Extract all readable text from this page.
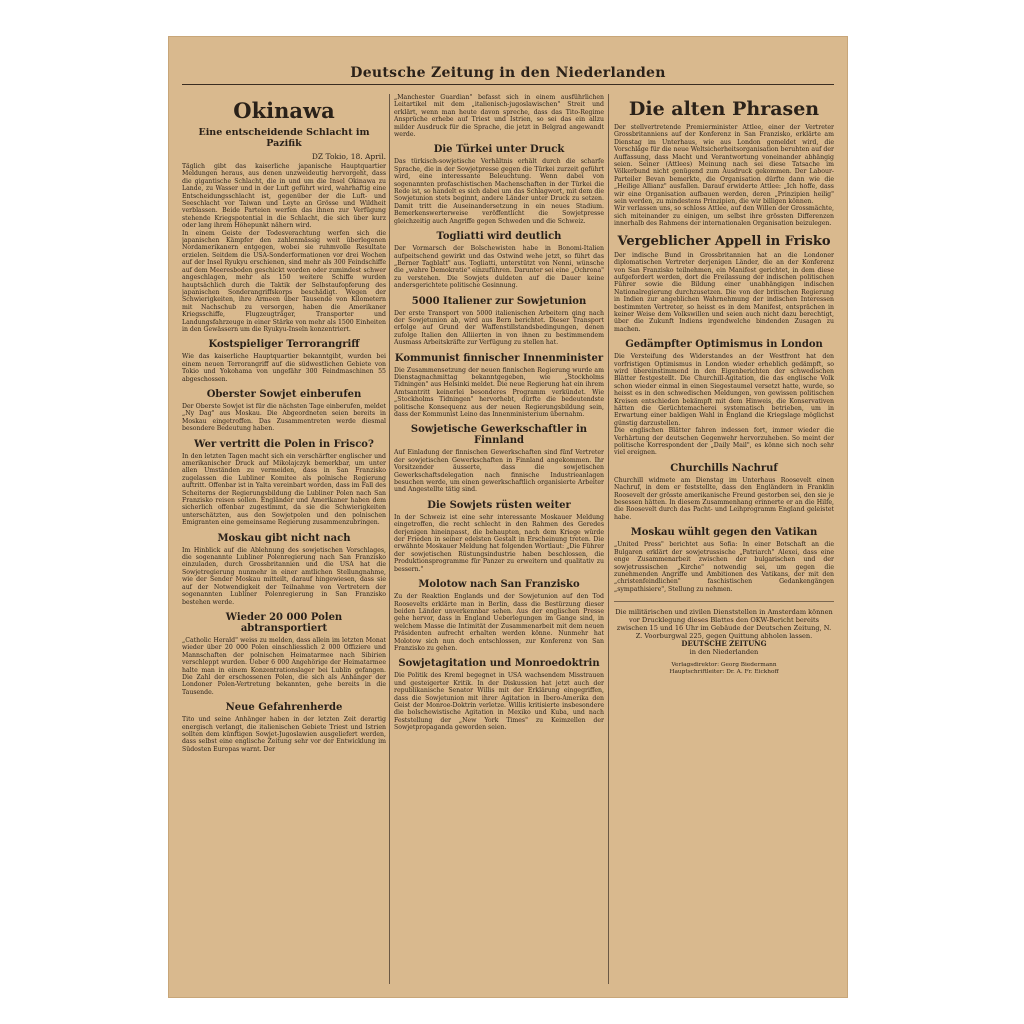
Deutsche Zeitung in den Niederlanden
Okinawa
Eine entscheidende Schlacht im Pazifik
DZ Tokio, 18. April.

Täglich gibt das kaiserliche japanische Hauptquartier Meldungen heraus, aus denen unzweideutig hervorgeht, dass die gigantische Schlacht, die in und um die Insel Okinawa zu Lande, zu Wasser und in der Luft geführt wird, wahrhaftig eine Entscheidungsschlacht ist, gegenüber der die Luft- und Seeschlacht vor Taiwan und Leyte an Grösse und Wildheit verblassen. Beide Parteien werfen das ihnen zur Verfügung stehende Kriegspotential in die Schlacht, die sich über kurz oder lang ihrem Höhepunkt nähern wird.

In einem Geiste der Todesverachtung werfen sich die japanischen Kämpfer den zahlenmässig weit überlegenen Nordamerikanern entgegen, wobei sie ruhmvolle Resultate erzielen. Seitdem die USA-Sonderformationen vor drei Wochen auf der Insel Ryukyu erschienen, sind mehr als 300 Feindschiffe auf dem Meeresboden geschickt worden oder zumindest schwer angeschlagen, mehr als 150 weitere Schiffe wurden hauptsächlich durch die Taktik der Selbstaufopferung des japanischen Sonderangriffskorps beschädigt. Wegen der Schwierigkeiten, ihre Armeen über Tausende von Kilometern mit Nachschub zu versorgen, haben die Amerikaner Kriegsschiffe, Flugzeugträger, Transporter und Landungsfahrzeuge in einer Stärke von mehr als 1500 Einheiten in den Gewässern um die Ryukyu-Inseln konzentriert.

Kostspieliger Terrorangriff

Wie das kaiserliche Hauptquartier bekanntgibt, wurden bei einem neuen Terrorangriff auf die südwestlichen Gebiete von Tokio und Yokohama von ungefähr 300 Feindmaschinen 55 abgeschossen.

Oberster Sowjet einberufen

Der Oberste Sowjet ist für die nächsten Tage einberufen, meldet „Ny Dag" aus Moskau. Die Abgeordneten seien bereits in Moskau eingetroffen. Das Zusammentreten werde diesmal besondere Bedeutung haben.

Wer vertritt die Polen in Frisco?

In den letzten Tagen macht sich ein verschärfter englischer und amerikanischer Druck auf Mikolajczyk bemerkbar, um unter allen Umständen zu vermeiden, dass in San Franzisko zugelassen die Lubliner Komitee als polnische Regierung auftritt. Offenbar ist in Yalta vereinbart worden, dass im Fall des Scheiterns der Regierungsbildung die Lubliner Polen nach San Franzisko reisen sollen. Engländer und Amerikaner haben dem sicherlich offenbar zugestimmt, da sie die Schwierigkeiten unterschätzten, aus den Sowjetpolen und den polnischen Emigranten eine gemeinsame Regierung zusammenzubringen.

Moskau gibt nicht nach

Im Hinblick auf die Ablehnung des sowjetischen Vorschlages, die sogenannte Lubliner Polenregierung nach San Franzisko einzuladen, durch Grossbritannien und die USA hat die Sowjetregierung nunmehr in einer amtlichen Stellungnahme, wie der Sender Moskau mitteilt, darauf hingewiesen, dass sie auf der Notwendigkeit der Teilnahme von Vertretern der sogenannten Lubliner Polenregierung in San Franzisko bestehen werde.

Wieder 20 000 Polen abtransportiert

„Catholic Herald" weiss zu melden, dass allein im letzten Monat wieder über 20 000 Polen einschliesslich 2 000 Offiziere und Mannschaften der polnischen Heimatarmee nach Sibirien verschleppt wurden. Ueber 6 000 Angehörige der Heimatarmee halte man in einem Konzentrationslager bei Lublin gefangen. Die Zahl der erschossenen Polen, die sich als Anhänger der Londoner Polen-Vertretung bekannten, gehe bereits in die Tausende.

Neue Gefahrenherde

Tito und seine Anhänger haben in der letzten Zeit derartig energisch verlangt, die italienischen Gebiete Triest und Istrien sollten dem künftigen Sowjet-Jugoslawien ausgeliefert werden, dass selbst eine englische Zeitung sehr vor der Entwicklung im Südosten Europas warnt. Der

„Manchester Guardian" befasst sich in einem ausführlichen Leitartikel mit dem „italienisch-jugoslawischen" Streit und erklärt, wenn man heute davon spreche, dass das Tito-Regime Ansprüche erhebe auf Triest und Istrien, so sei das ein allzu milder Ausdruck für die Sprache, die jetzt in Belgrad angewandt werde.

Die Türkei unter Druck

Das türkisch-sowjetische Verhältnis erhält durch die scharfe Sprache, die in der Sowjetpresse gegen die Türkei zurzeit geführt wird, eine interessante Beleuchtung. Wenn dabei von sogenannten profaschistischen Machenschaften in der Türkei die Rede ist, so handelt es sich dabei um das Schlagwort, mit dem die Sowjetunion stets beginnt, andere Länder unter Druck zu setzen. Damit tritt die Auseinandersetzung in ein neues Stadium. Bemerkenswerterweise veröffentlicht die Sowjetpresse gleichzeitig auch Angriffe gegen Schweden und die Schweiz.

Togliatti wird deutlich

Der Vormarsch der Bolschewisten habe in Bonomi-Italien aufpeitschend gewirkt und das Ostwind wehe jetzt, so führt das „Berner Tagblatt" aus. Togliatti, unterstützt von Nenni, wünsche die „wahre Demokratie" einzuführen. Darunter sei eine „Ochrona" zu verstehen. Die Sowjets duldeten auf die Dauer keine andersgerichtete politische Gesinnung.

5000 Italiener zur Sowjetunion

Der erste Transport von 5000 italienischen Arbeitern ging nach der Sowjetunion ab, wird aus Bern berichtet. Dieser Transport erfolge auf Grund der Waffenstillstandsbedingungen, denen zufolge Italien den Alliierten in von ihnen zu bestimmendem Ausmass Arbeitskräfte zur Verfügung zu stellen hat.

Kommunist finnischer Innenminister

Die Zusammensetzung der neuen finnischen Regierung wurde am Dienstagnachmittag bekanntgegeben, wie „Stockholms Tidningen" aus Helsinki meldet. Die neue Regierung hat ein ihrem Amtsantritt keinerlei besonderes Programm verkündet. Wie „Stockholms Tidningen" hervorhebt, dürfte die bedeutendste politische Konsequenz aus der neuen Regierungsbildung sein, dass der Kommunist Leino das Innenministerium übernahm.

Sowjetische Gewerkschaftler in Finnland

Auf Einladung der finnischen Gewerkschaften sind fünf Vertreter der sowjetischen Gewerkschaften in Finnland angekommen. Ihr Vorsitzender äusserte, dass die sowjetischen Gewerkschaftsdelegation nach finnische Industrieanlagen besuchen werde, um einen gewerkschaftlich organisierte Arbeiter und Angestellte tätig sind.

Die Sowjets rüsten weiter

In der Schweiz ist eine sehr interessante Moskauer Meldung eingetroffen, die recht schlecht in den Rahmen des Geredes derjenigen hineinpasst, die behaupten, nach dem Kriege würde der Frieden in seiner edelsten Gestalt in Erscheinung treten. Die erwähnte Moskauer Meldung hat folgenden Wortlaut: „Die Führer der sowjetischen Rüstungsindustrie haben beschlossen, die Produktionsprogramme für Panzer zu erweitern und qualitativ zu bessern."

Molotow nach San Franzisko

Zu der Reaktion Englands und der Sowjetunion auf den Tod Roosevelts erklärte man in Berlin, dass die Bestürzung dieser beiden Länder unverkennbar sehen. Aus der englischen Presse gehe hervor, dass in England Ueberlegungen im Gange sind, in welchem Masse die Intimität der Zusammenarbeit mit dem neuen Präsidenten aufrecht erhalten werden könne. Nunmehr hat Molotow sich nun doch entschlossen, zur Konferenz von San Franzisko zu gehen.

Sowjetagitation und Monroedoktrin

Die Politik des Kreml begegnet in USA wachsendem Misstrauen und gesteigerter Kritik. In der Diskussion hat jetzt auch der republikanische Senator Willis mit der Erklärung eingegriffen, dass die Sowjetunion mit ihrer Agitation in Ibero-Amerika den Geist der Monroe-Doktrin verletze. Willis kritisierte insbesondere die bolschewistische Agitation in Mexiko und Kuba, und nach Feststellung der „New York Times" zu Keimzellen der Sowjetpropaganda geworden seien.

Die alten Phrasen

Der stellvertretende Premierminister Attlee, einer der Vertreter Grossbritanniens auf der Konferenz in San Franzisko, erklärte am Dienstag im Unterhaus, wie aus London gemeldet wird, die Vorschläge für die neue Weltsicherheitsorganisation beruhten auf der Auffassung, dass Macht und Verantwortung voneinander abhängig seien. Seiner (Attlees) Meinung nach sei diese Tatsache im Völkerbund nicht genügend zum Ausdruck gekommen. Der Labour-Parteiler Bevan bemerkte, die Organisation dürfte dann wie die „Heilige Allianz" ausfallen. Darauf erwiderte Attlee: „Ich hoffe, dass wir eine Organisation aufbauen werden, deren „Prinzipien heilig" sein werden, zu mindestens Prinzipien, die wir billigen können.

Wir verlassen uns, so schloss Attlee, auf den Willen der Grossmächte, sich miteinander zu einigen, um selbst ihre grössten Differenzen innerhalb des Rahmens der internationalen Organisation beizulegen.

Vergeblicher Appell in Frisko

Der indische Bund in Grossbritannien hat an die Londoner diplomatischen Vertreter derjenigen Länder, die an der Konferenz von San Franzisko teilnehmen, ein Manifest gerichtet, in dem diese aufgefordert werden, dort die Freilassung der indischen politischen Führer sowie die Bildung einer unabhängigen indischen Nationalregierung durchzusetzen. Die von der britischen Regierung in Indien zur angeblichen Wahrnehmung der indischen Interessen bestimmten Vertreter, so heisst es in dem Manifest, entsprächen in keiner Weise dem Volkswillen und seien auch nicht dazu berechtigt, über die Zukunft Indiens irgendwelche bindenden Zusagen zu machen.

Gedämpfter Optimismus in London

Die Versteifung des Widerstandes an der Westfront hat den vorfristigen Optimismus in London wieder erheblich gedämpft, so wird übereinstimmend in den Eigenberichten der schwedischen Blätter festgestellt. Die Churchill-Agitation, die das englische Volk schon wieder einmal in einen Siegestaumel versetzt hatte, wurde, so heisst es in den schwedischen Meldungen, von gewissen politischen Kreisen entschieden bekämpft mit dem Hinweis, die Konservativen hätten die Gerüchtemacherei systematisch betrieben, um in Erwartung einer baldigen Wahl in England die Kriegslage möglichst günstig darzustellen.

Die englischen Blätter fahren indessen fort, immer wieder die Verhärtung der deutschen Gegenwehr hervorzuheben. So meint der politische Korrespondent der „Daily Mail", es könne sich noch sehr viel ereignen.

Churchills Nachruf

Churchill widmete am Dienstag im Unterhaus Roosevelt einen Nachruf, in dem er feststellte, dass den Engländern in Franklin Roosevelt der grösste amerikanische Freund gestorben sei, den sie je besessen hätten. In diesem Zusammenhang erinnerte er an die Hilfe, die Roosevelt durch das Pacht- und Leihprogramm England geleistet habe.

Moskau wühlt gegen den Vatikan

„United Press" berichtet aus Sofia: In einer Botschaft an die Bulgaren erklärt der sowjetrussische „Patriarch" Alexei, dass eine enge Zusammenarbeit zwischen der bulgarischen und der sowjetrussischen „Kirche" notwendig sei, um gegen die zunehmenden Angriffe und Ambitionen des Vatikans, der mit den „christenfeindlichen" faschistischen Gedankengängen „sympathisiere", Stellung zu nehmen.

Die militärischen und zivilen Dienststellen in Amsterdam können vor Drucklegung dieses Blattes den OKW-Bericht bereits zwischen 15 und 16 Uhr im Gebäude der Deutschen Zeitung, N. Z. Voorburgwal 225, gegen Quittung abholen lassen.
DEUTSCHE ZEITUNG
in den Niederlanden
Verlagsdirektor: Georg Biedermann
Hauptschriftleiter: Dr. A. Fr. Eickhoff
